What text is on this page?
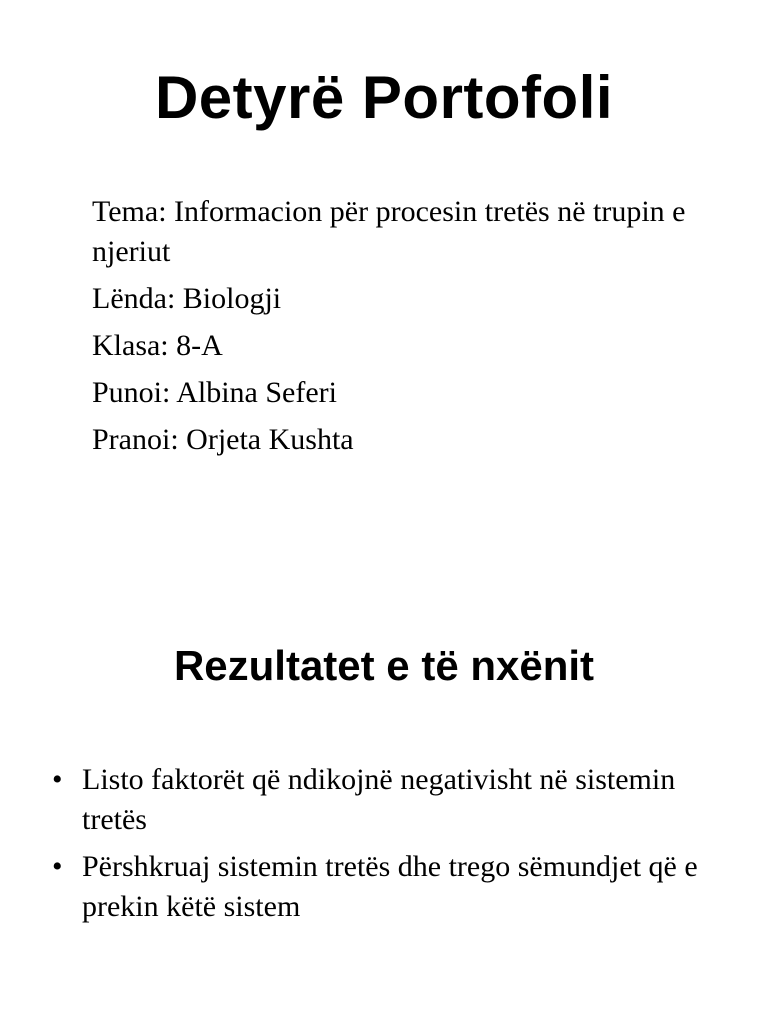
Detyrë Portofoli
Tema: Informacion për procesin tretës në trupin e njeriut
Lënda: Biologji
Klasa: 8-A
Punoi: Albina Seferi
Pranoi: Orjeta Kushta
Rezultatet e të nxënit
• Listo faktorët që ndikojnë negativisht në sistemin tretës
• Përshkruaj sistemin tretës dhe trego sëmundjet që e prekin këtë sistem
